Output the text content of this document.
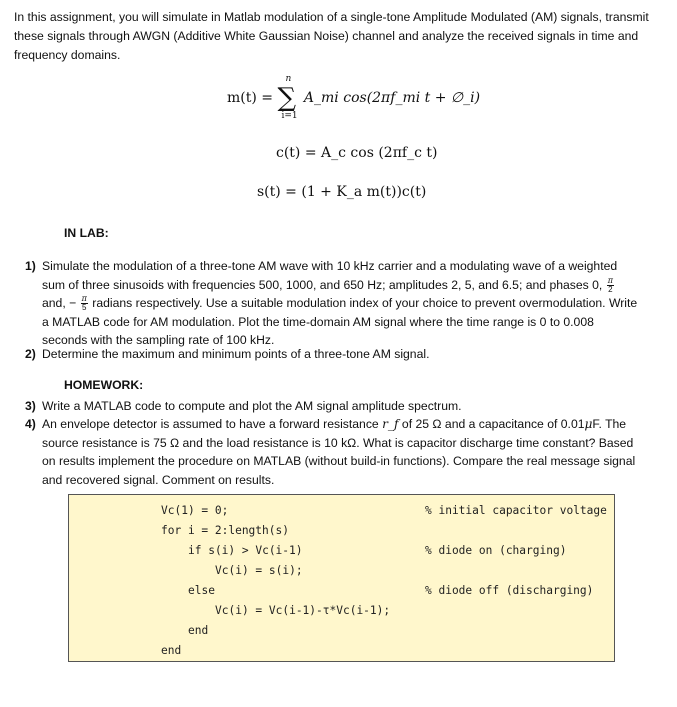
In this assignment, you will simulate in Matlab modulation of a single-tone Amplitude Modulated (AM) signals, transmit these signals through AWGN (Additive White Gaussian Noise) channel and analyze the received signals in time and frequency domains.
m(t) =
n
∑
i=1
A_mi cos(2πf_mi t + ∅_i)
c(t) = A_c cos (2πf_c t)
s(t) = (1 + K_a m(t))c(t)
IN LAB:
1) Simulate the modulation of a three-tone AM wave with 10 kHz carrier and a modulating wave of a weighted sum of three sinusoids with frequencies 500, 1000, and 650 Hz; amplitudes 2, 5, and 6.5; and phases 0, $\frac{\pi}{2}$
and, − $\frac{\pi}{5}$ radians respectively. Use a suitable modulation index of your choice to prevent overmodulation. Write a MATLAB code for AM modulation. Plot the time-domain AM signal where the time range is 0 to 0.008 seconds with the sampling rate of 100 kHz.
2) Determine the maximum and minimum points of a three-tone AM signal.
HOMEWORK:
3) Write a MATLAB code to compute and plot the AM signal amplitude spectrum.
4) An envelope detector is assumed to have a forward resistance r_f of 25 Ω and a capacitance of 0.01μF. The source resistance is 75 Ω and the load resistance is 10 kΩ. What is capacitor discharge time constant? Based on results implement the procedure on MATLAB (without build-in functions). Compare the real message signal and recovered signal. Comment on results.
Vc(1) = 0;	% initial capacitor voltage
for i = 2:length(s)
if s(i) > Vc(i-1)	% diode on (charging)
Vc(i) = s(i);
else	% diode off (discharging)
Vc(i) = Vc(i-1)-τ*Vc(i-1);
end
end
